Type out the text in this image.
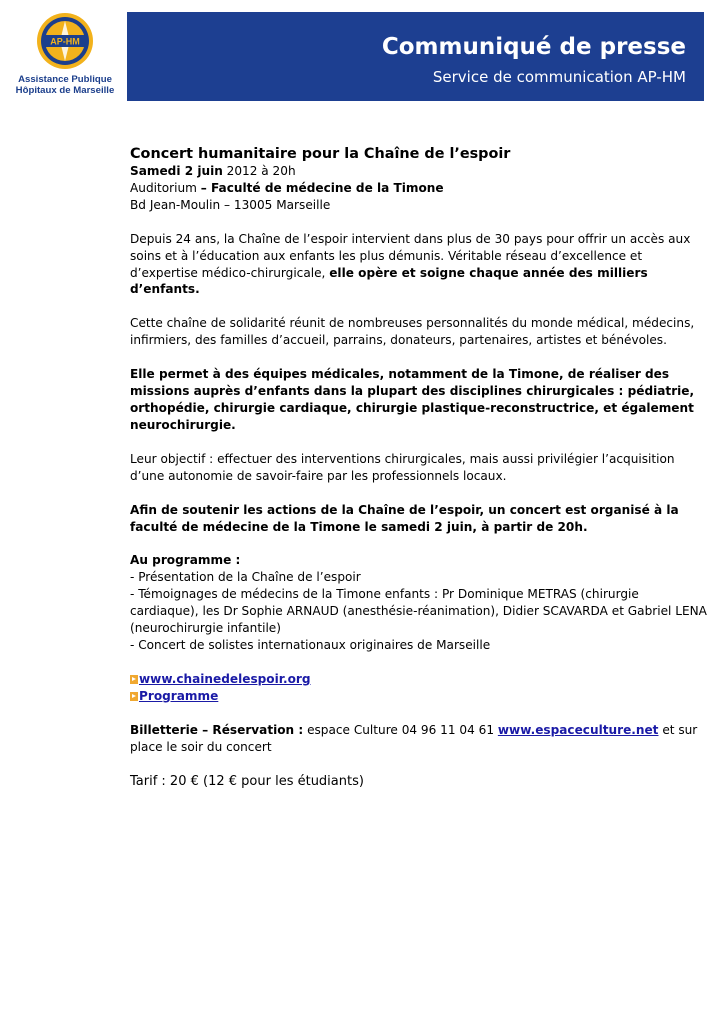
AP-HM
Assistance Publique
Hôpitaux de Marseille
Communiqué de presse
Service de communication AP-HM

Concert humanitaire pour la Chaîne de l’espoir

Samedi 2 juin 2012 à 20h

Auditorium – Faculté de médecine de la Timone

Bd Jean-Moulin – 13005 Marseille

Depuis 24 ans, la Chaîne de l’espoir intervient dans plus de 30 pays pour offrir un accès aux soins et à l’éducation aux enfants les plus démunis. Véritable réseau d’excellence et d’expertise médico-chirurgicale, elle opère et soigne chaque année des milliers d’enfants.

Cette chaîne de solidarité réunit de nombreuses personnalités du monde médical, médecins, infirmiers, des familles d’accueil, parrains, donateurs, partenaires, artistes et bénévoles.

Elle permet à des équipes médicales, notamment de la Timone, de réaliser des missions auprès d’enfants dans la plupart des disciplines chirurgicales : pédiatrie, orthopédie, chirurgie cardiaque, chirurgie plastique-reconstructrice, et également neurochirurgie.

Leur objectif : effectuer des interventions chirurgicales, mais aussi privilégier l’acquisition d’une autonomie de savoir-faire par les professionnels locaux.

Afin de soutenir les actions de la Chaîne de l’espoir, un concert est organisé à la faculté de médecine de la Timone le samedi 2 juin, à partir de 20h.

Au programme :

- Présentation de la Chaîne de l’espoir

- Témoignages de médecins de la Timone enfants : Pr Dominique METRAS (chirurgie cardiaque), les Dr Sophie ARNAUD (anesthésie-réanimation), Didier SCAVARDA et Gabriel LENA (neurochirurgie infantile)

- Concert de solistes internationaux originaires de Marseille

www.chainedelespoir.org
Programme

Billetterie – Réservation : espace Culture 04 96 11 04 61 www.espaceculture.net et sur place le soir du concert

Tarif : 20 € (12 € pour les étudiants)
